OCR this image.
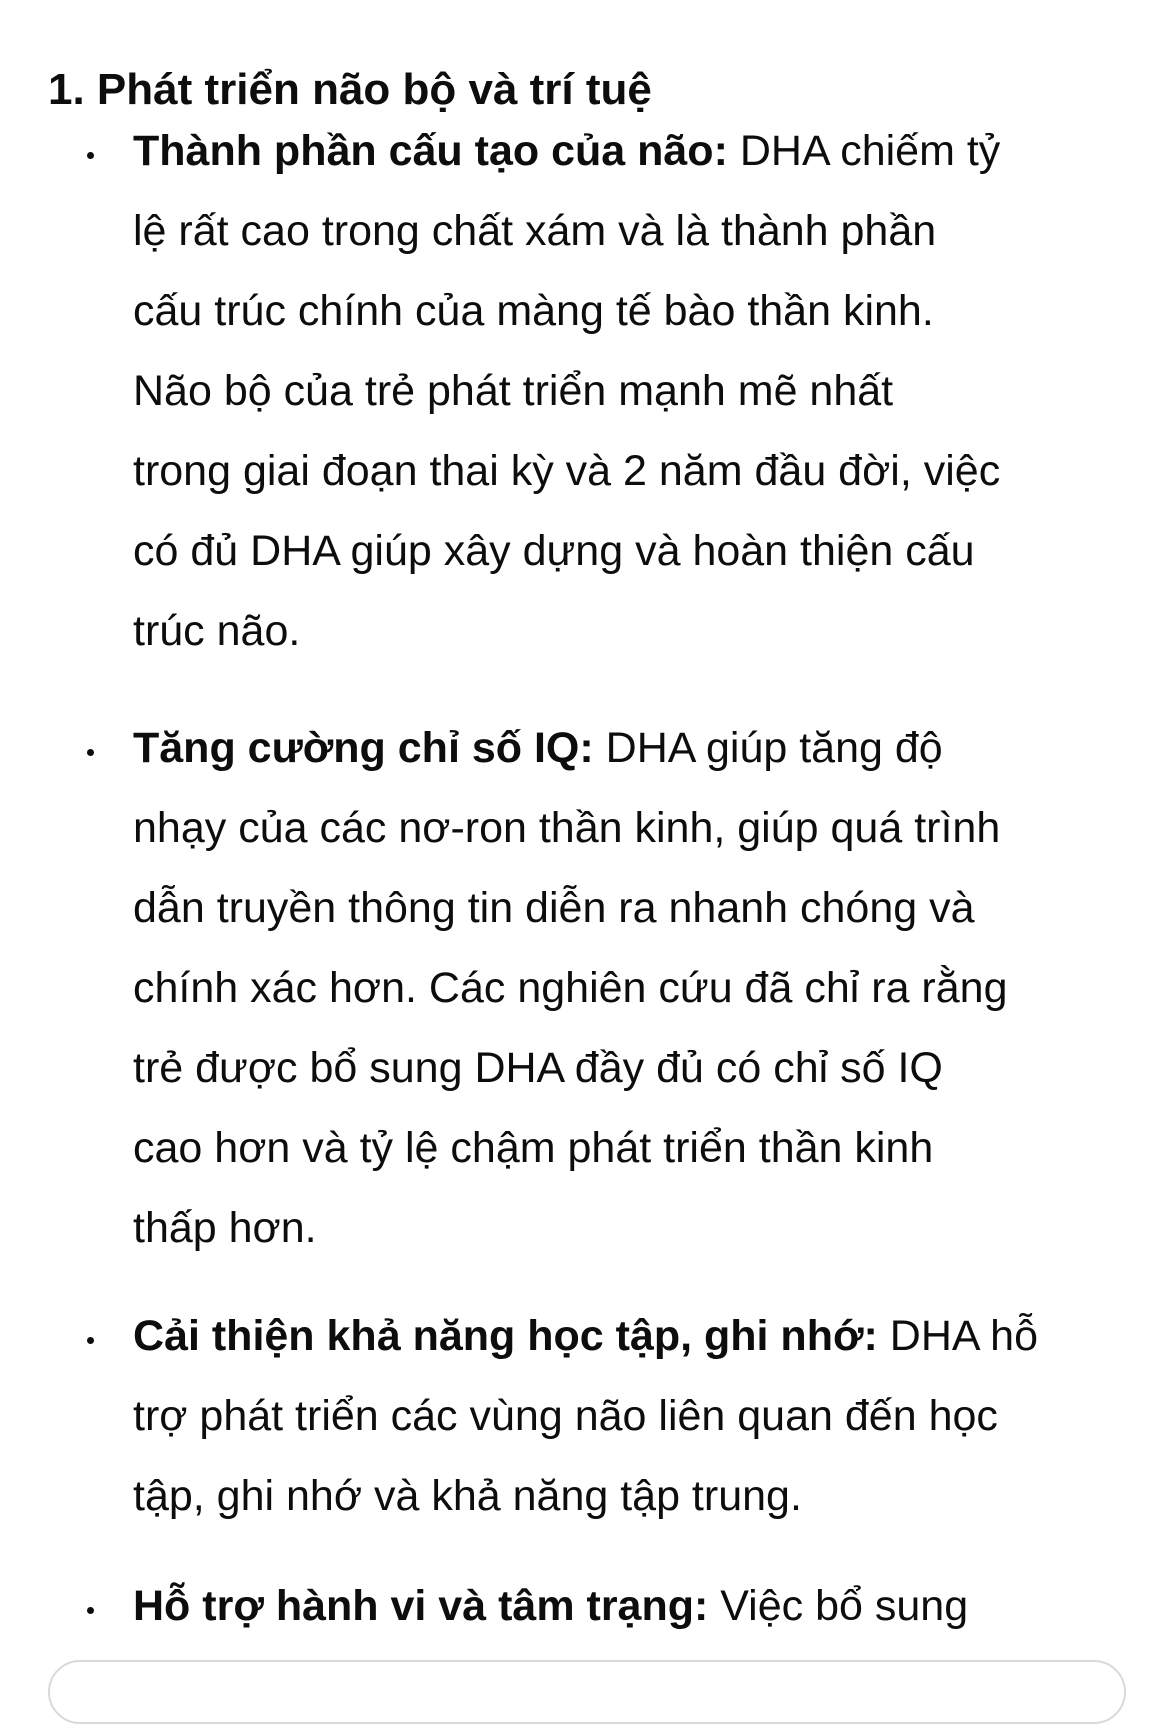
1. Phát triển não bộ và trí tuệ

Thành phần cấu tạo của não: DHA chiếm tỷ
lệ rất cao trong chất xám và là thành phần
cấu trúc chính của màng tế bào thần kinh.
Não bộ của trẻ phát triển mạnh mẽ nhất
trong giai đoạn thai kỳ và 2 năm đầu đời, việc
có đủ DHA giúp xây dựng và hoàn thiện cấu
trúc não.

Tăng cường chỉ số IQ: DHA giúp tăng độ
nhạy của các nơ-ron thần kinh, giúp quá trình
dẫn truyền thông tin diễn ra nhanh chóng và
chính xác hơn. Các nghiên cứu đã chỉ ra rằng
trẻ được bổ sung DHA đầy đủ có chỉ số IQ
cao hơn và tỷ lệ chậm phát triển thần kinh
thấp hơn.

Cải thiện khả năng học tập, ghi nhớ: DHA hỗ
trợ phát triển các vùng não liên quan đến học
tập, ghi nhớ và khả năng tập trung.

Hỗ trợ hành vi và tâm trạng: Việc bổ sung
